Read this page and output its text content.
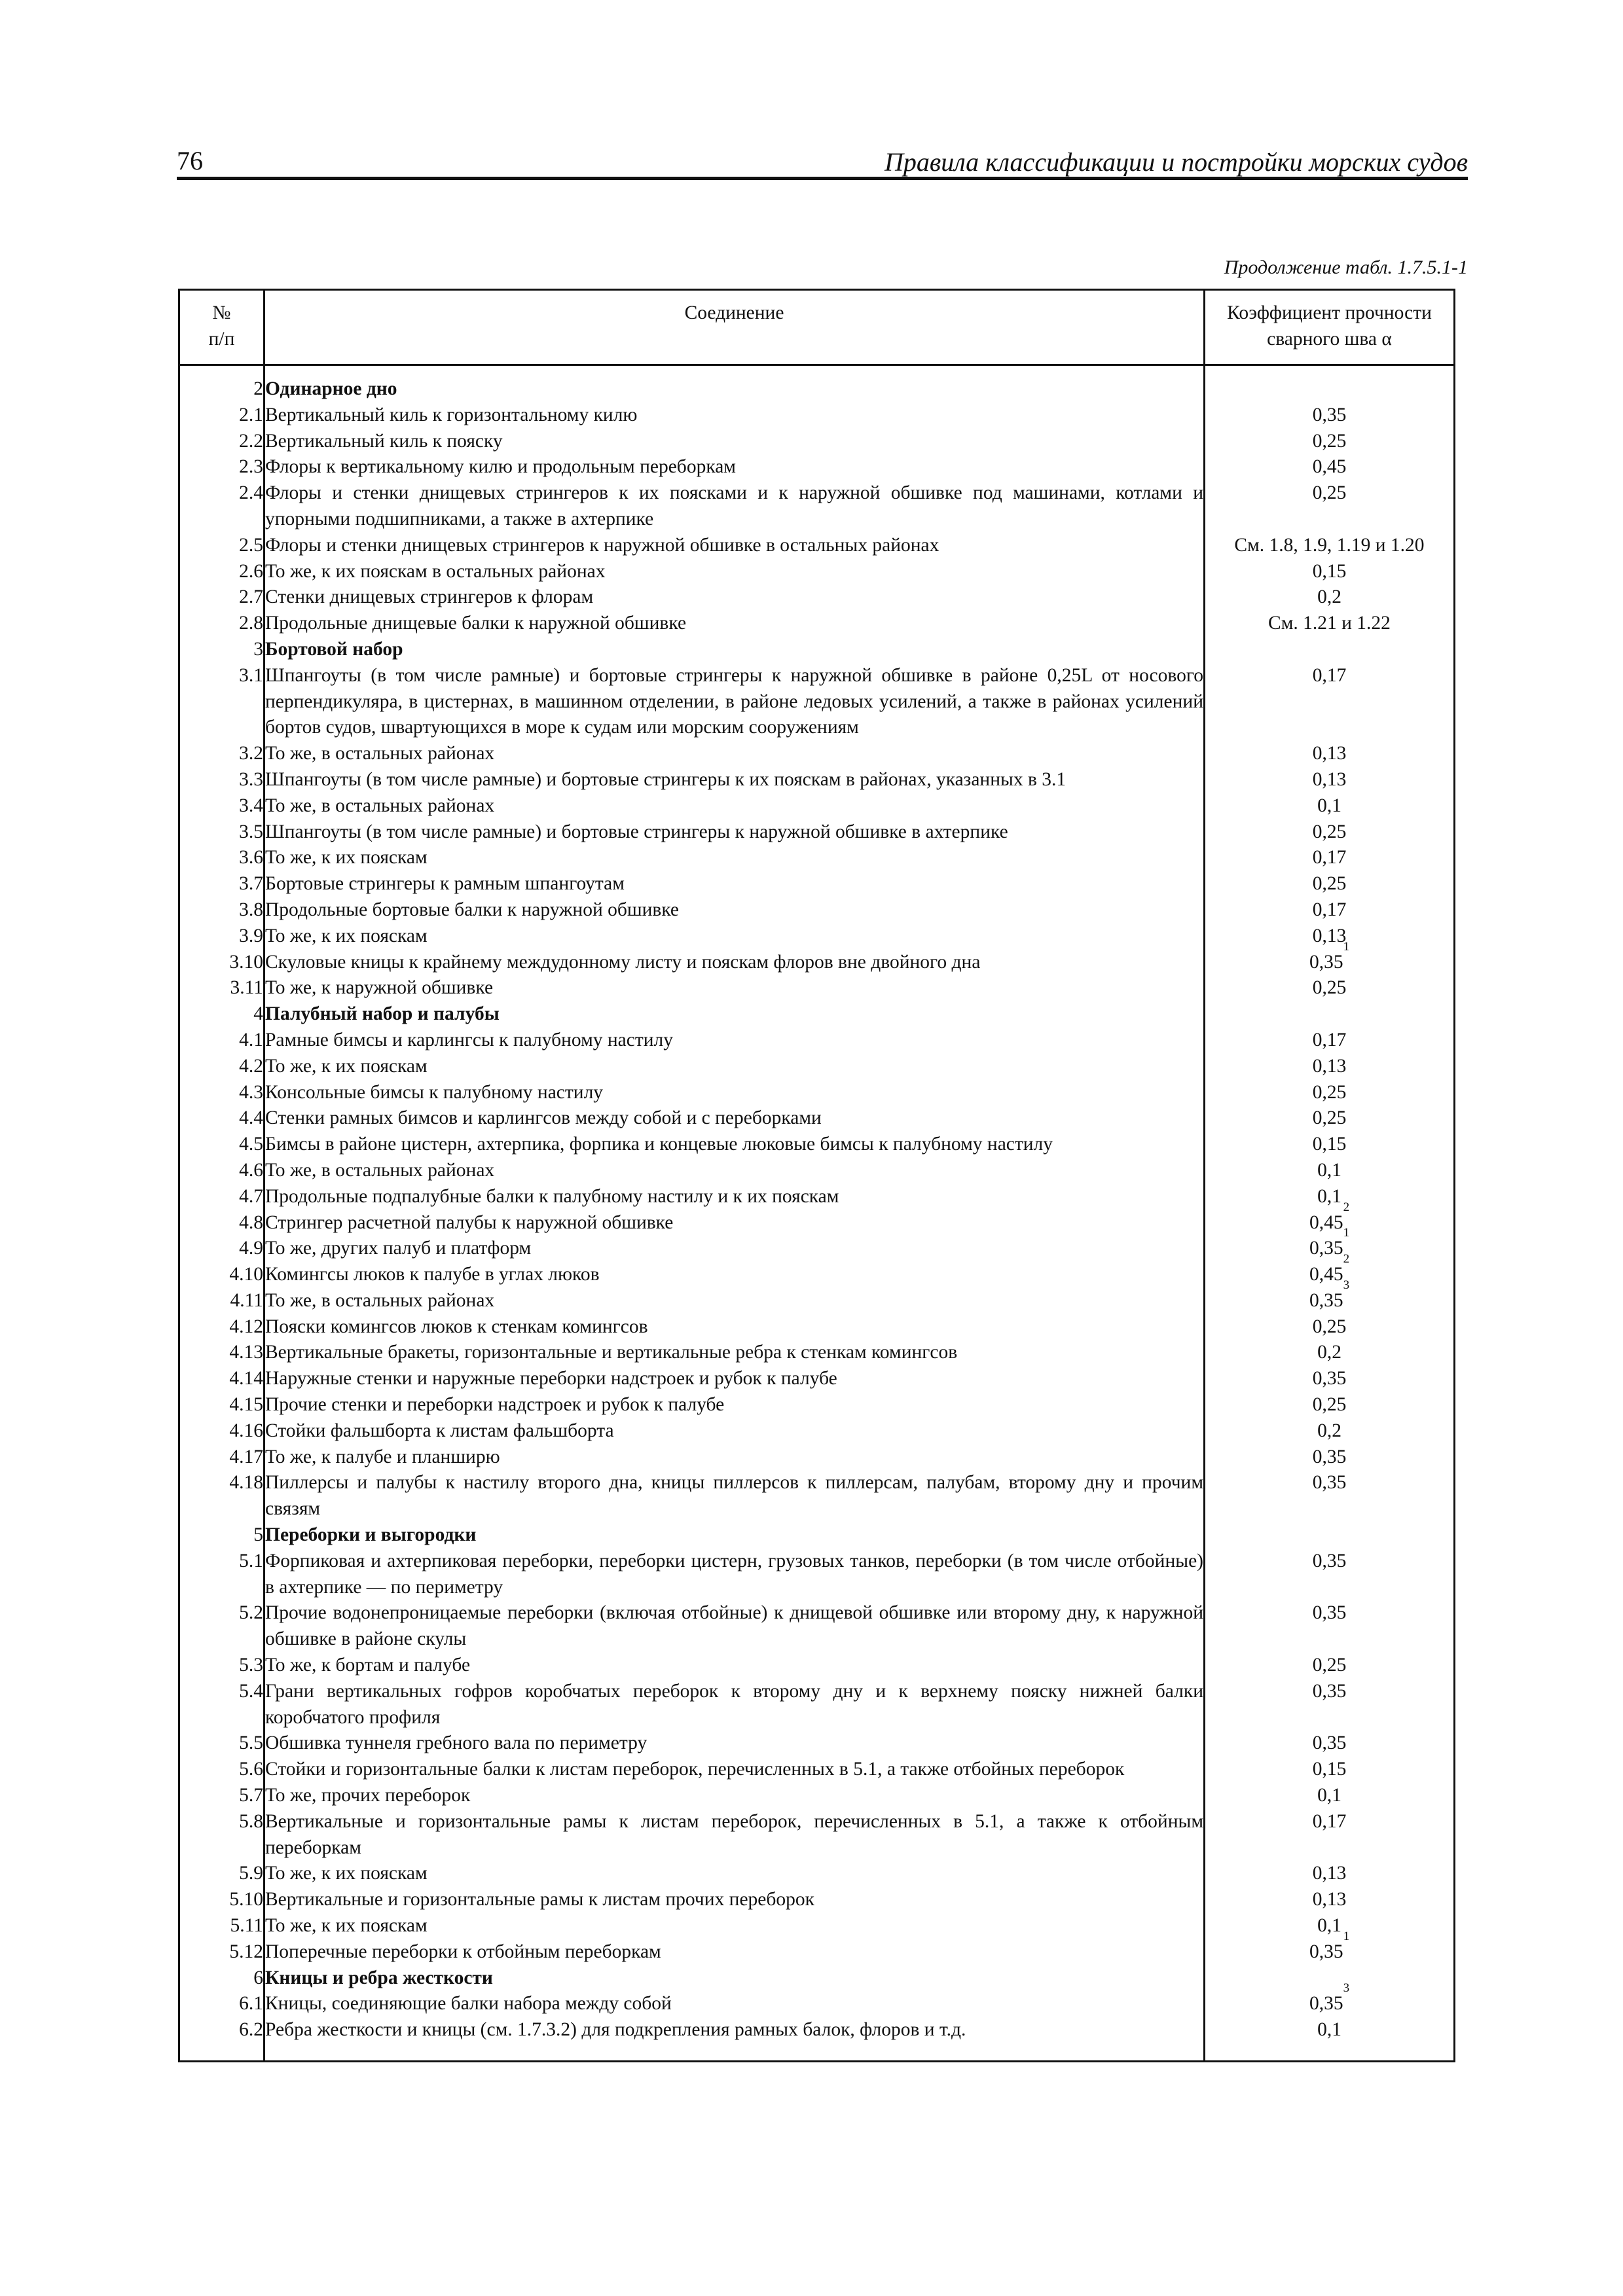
76	Правила классификации и постройки морских судов
Продолжение табл. 1.7.5.1-1
№
п/п	Соединение	Коэффициент прочности
сварного шва α
2	Одинарное дно	
2.1	Вертикальный киль к горизонтальному килю	0,35
2.2	Вертикальный киль к пояску	0,25
2.3	Флоры к вертикальному килю и продольным переборкам	0,45
2.4	Флоры и стенки днищевых стрингеров к их поясками и к наружной обшивке под машинами, котлами и упорными подшипниками, а также в ахтерпике	0,25
2.5	Флоры и стенки днищевых стрингеров к наружной обшивке в остальных районах	См. 1.8, 1.9, 1.19 и 1.20
2.6	То же, к их пояскам в остальных районах	0,15
2.7	Стенки днищевых стрингеров к флорам	0,2
2.8	Продольные днищевые балки к наружной обшивке	См. 1.21 и 1.22
3	Бортовой набор	
3.1	Шпангоуты (в том числе рамные) и бортовые стрингеры к наружной обшивке в районе 0,25L от носового перпендикуляра, в цистернах, в машинном отделении, в районе ледовых усилений, а также в районах усилений бортов судов, швартующихся в море к судам или морским сооружениям	0,17
3.2	То же, в остальных районах	0,13
3.3	Шпангоуты (в том числе рамные) и бортовые стрингеры к их пояскам в районах, указанных в 3.1	0,13
3.4	То же, в остальных районах	0,1
3.5	Шпангоуты (в том числе рамные) и бортовые стрингеры к наружной обшивке в ахтерпике	0,25
3.6	То же, к их пояскам	0,17
3.7	Бортовые стрингеры к рамным шпангоутам	0,25
3.8	Продольные бортовые балки к наружной обшивке	0,17
3.9	То же, к их пояскам	0,13
3.10	Скуловые кницы к крайнему междудонному листу и пояскам флоров вне двойного дна	0,35$^1$
3.11	То же, к наружной обшивке	0,25
4	Палубный набор и палубы	
4.1	Рамные бимсы и карлингсы к палубному настилу	0,17
4.2	То же, к их пояскам	0,13
4.3	Консольные бимсы к палубному настилу	0,25
4.4	Стенки рамных бимсов и карлингсов между собой и с переборками	0,25
4.5	Бимсы в районе цистерн, ахтерпика, форпика и концевые люковые бимсы к палубному настилу	0,15
4.6	То же, в остальных районах	0,1
4.7	Продольные подпалубные балки к палубному настилу и к их пояскам	0,1
4.8	Стрингер расчетной палубы к наружной обшивке	0,45$^2$
4.9	То же, других палуб и платформ	0,35$^1$
4.10	Комингсы люков к палубе в углах люков	0,45$^2$
4.11	То же, в остальных районах	0,35$^3$
4.12	Пояски комингсов люков к стенкам комингсов	0,25
4.13	Вертикальные бракеты, горизонтальные и вертикальные ребра к стенкам комингсов	0,2
4.14	Наружные стенки и наружные переборки надстроек и рубок к палубе	0,35
4.15	Прочие стенки и переборки надстроек и рубок к палубе	0,25
4.16	Стойки фальшборта к листам фальшборта	0,2
4.17	То же, к палубе и планширю	0,35
4.18	Пиллерсы и палубы к настилу второго дна, кницы пиллерсов к пиллерсам, палубам, второму дну и прочим связям	0,35
5	Переборки и выгородки	
5.1	Форпиковая и ахтерпиковая переборки, переборки цистерн, грузовых танков, переборки (в том числе отбойные) в ахтерпике — по периметру	0,35
5.2	Прочие водонепроницаемые переборки (включая отбойные) к днищевой обшивке или второму дну, к наружной обшивке в районе скулы	0,35
5.3	То же, к бортам и палубе	0,25
5.4	Грани вертикальных гофров коробчатых переборок к второму дну и к верхнему пояску нижней балки коробчатого профиля	0,35
5.5	Обшивка туннеля гребного вала по периметру	0,35
5.6	Стойки и горизонтальные балки к листам переборок, перечисленных в 5.1, а также отбойных переборок	0,15
5.7	То же, прочих переборок	0,1
5.8	Вертикальные и горизонтальные рамы к листам переборок, перечисленных в 5.1, а также к отбойным переборкам	0,17
5.9	То же, к их пояскам	0,13
5.10	Вертикальные и горизонтальные рамы к листам прочих переборок	0,13
5.11	То же, к их пояскам	0,1
5.12	Поперечные переборки к отбойным переборкам	0,35$^1$
6	Кницы и ребра жесткости	
6.1	Кницы, соединяющие балки набора между собой	0,35$^3$
6.2	Ребра жесткости и кницы (см. 1.7.3.2) для подкрепления рамных балок, флоров и т.д.	0,1
